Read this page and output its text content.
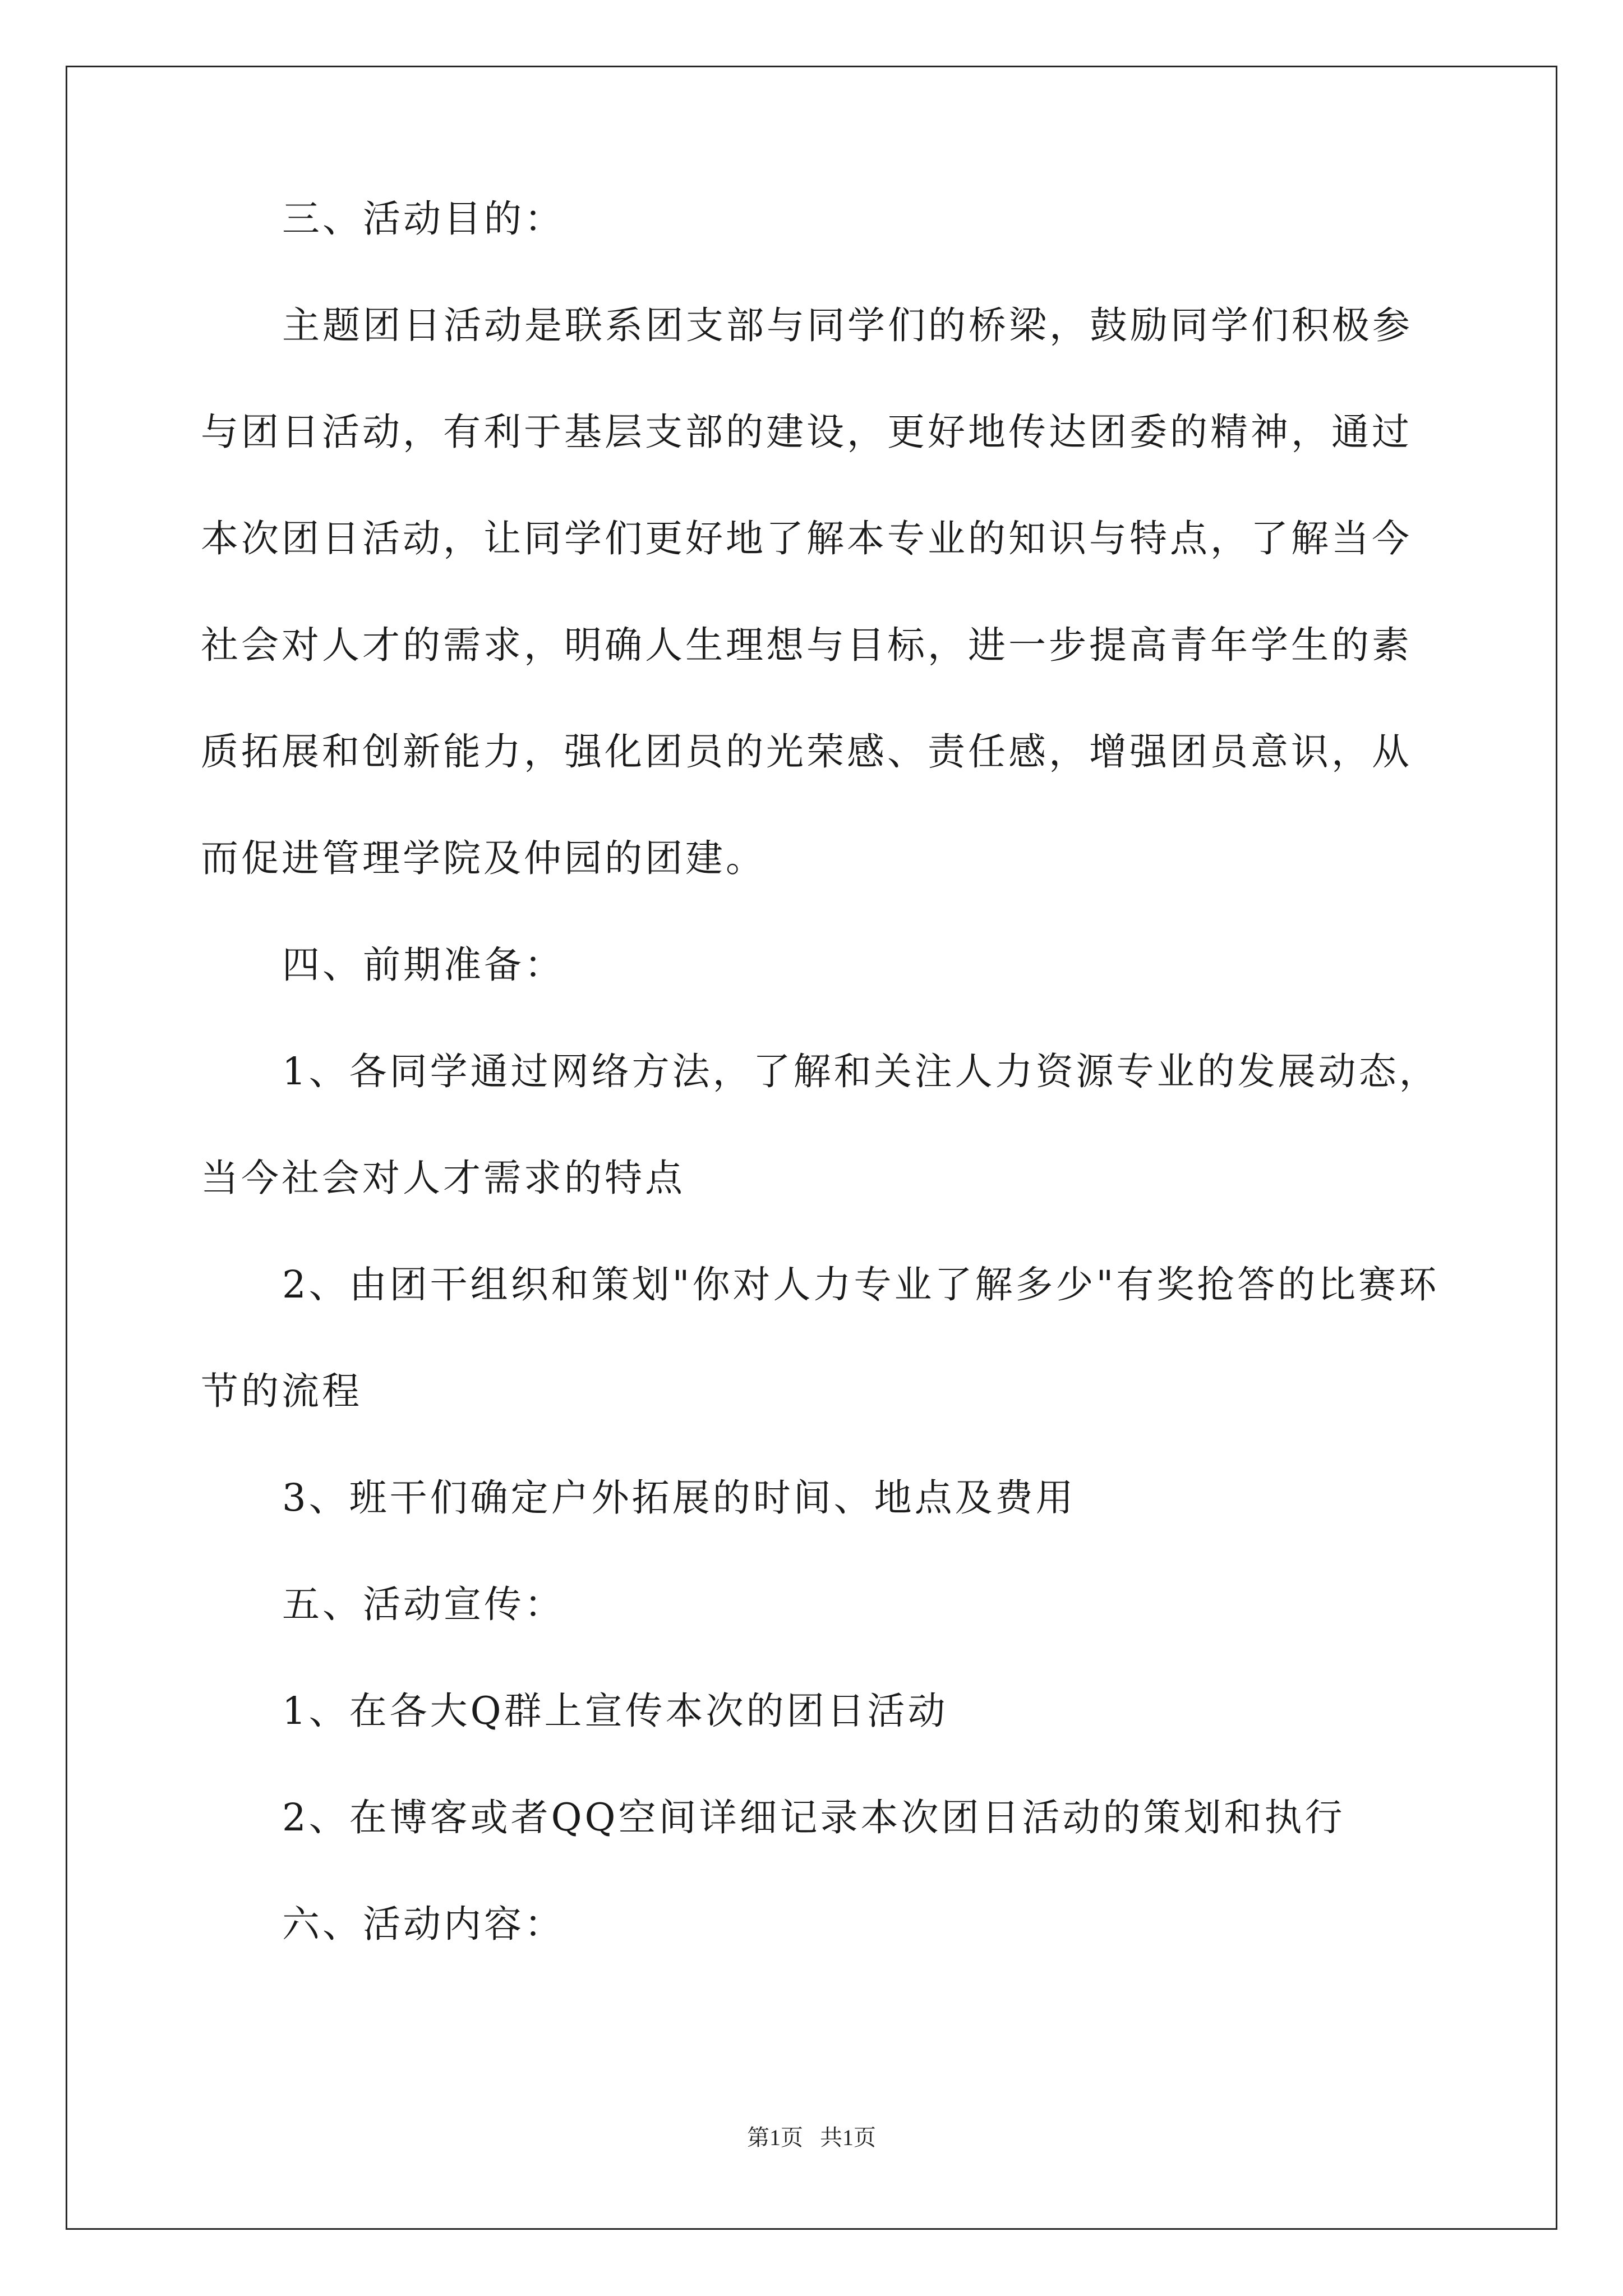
三、活动目的：
主题团日活动是联系团支部与同学们的桥梁，鼓励同学们积极参
与团日活动，有利于基层支部的建设，更好地传达团委的精神，通过
本次团日活动，让同学们更好地了解本专业的知识与特点，了解当今
社会对人才的需求，明确人生理想与目标，进一步提高青年学生的素
质拓展和创新能力，强化团员的光荣感、责任感，增强团员意识，从
而促进管理学院及仲园的团建。
四、前期准备：
1、各同学通过网络方法，了解和关注人力资源专业的发展动态，
当今社会对人才需求的特点
2、由团干组织和策划"你对人力专业了解多少"有奖抢答的比赛环
节的流程
3、班干们确定户外拓展的时间、地点及费用
五、活动宣传：
1、在各大Q群上宣传本次的团日活动
2、在博客或者QQ空间详细记录本次团日活动的策划和执行
六、活动内容：
第1页   共1页
